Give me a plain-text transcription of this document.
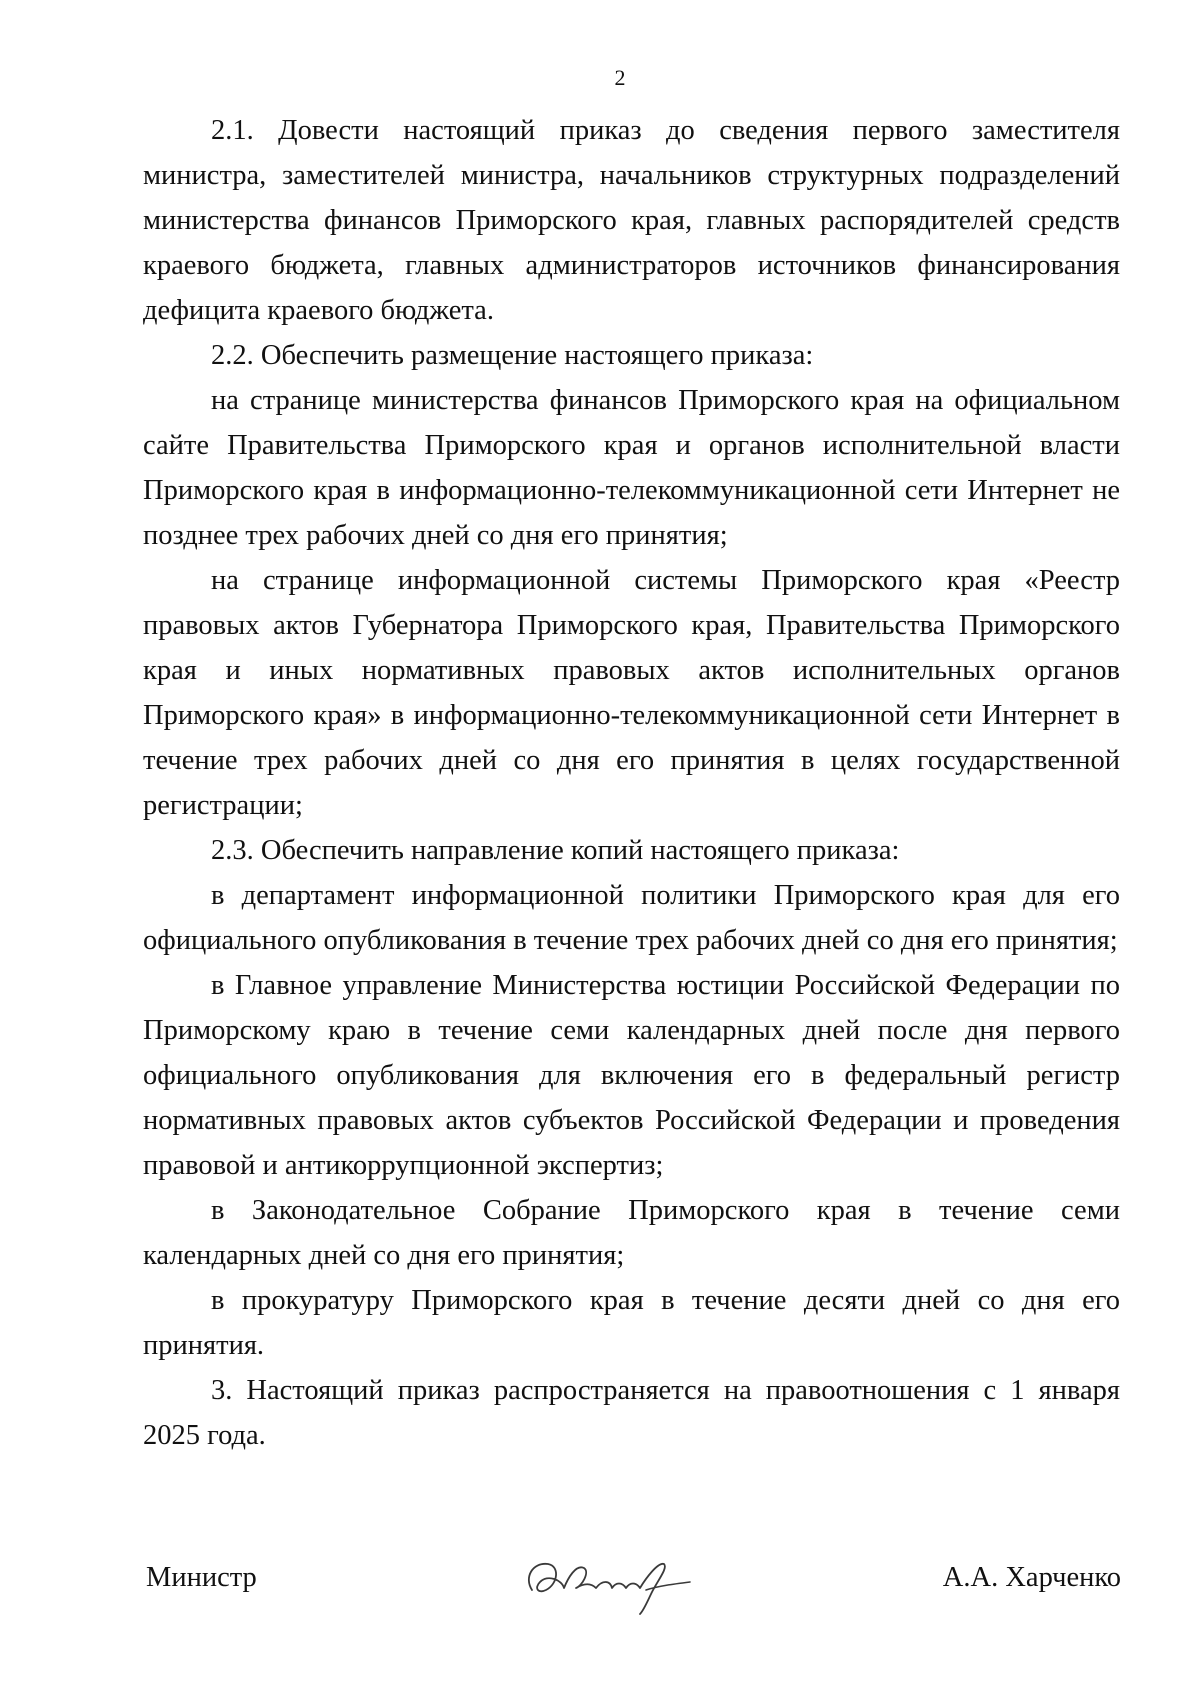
2

2.1. Довести настоящий приказ до сведения первого заместителя министра, заместителей министра, начальников структурных подразделений министерства финансов Приморского края, главных распорядителей средств краевого бюджета, главных администраторов источников финансирования дефицита краевого бюджета.

2.2. Обеспечить размещение настоящего приказа:

на странице министерства финансов Приморского края на официальном сайте Правительства Приморского края и органов исполнительной власти Приморского края в информационно-телекоммуникационной сети Интернет не позднее трех рабочих дней со дня его принятия;

на странице информационной системы Приморского края «Реестр правовых актов Губернатора Приморского края, Правительства Приморского края и иных нормативных правовых актов исполнительных органов Приморского края» в информационно-телекоммуникационной сети Интернет в течение трех рабочих дней со дня его принятия в целях государственной регистрации;

2.3. Обеспечить направление копий настоящего приказа:

в департамент информационной политики Приморского края для его официального опубликования в течение трех рабочих дней со дня его принятия;

в Главное управление Министерства юстиции Российской Федерации по Приморскому краю в течение семи календарных дней после дня первого официального опубликования для включения его в федеральный регистр нормативных правовых актов субъектов Российской Федерации и проведения правовой и антикоррупционной экспертиз;

в Законодательное Собрание Приморского края в течение семи календарных дней со дня его принятия;

в прокуратуру Приморского края в течение десяти дней со дня его принятия.

3. Настоящий приказ распространяется на правоотношения с 1 января 2025 года.

Министр	А.А. Харченко
